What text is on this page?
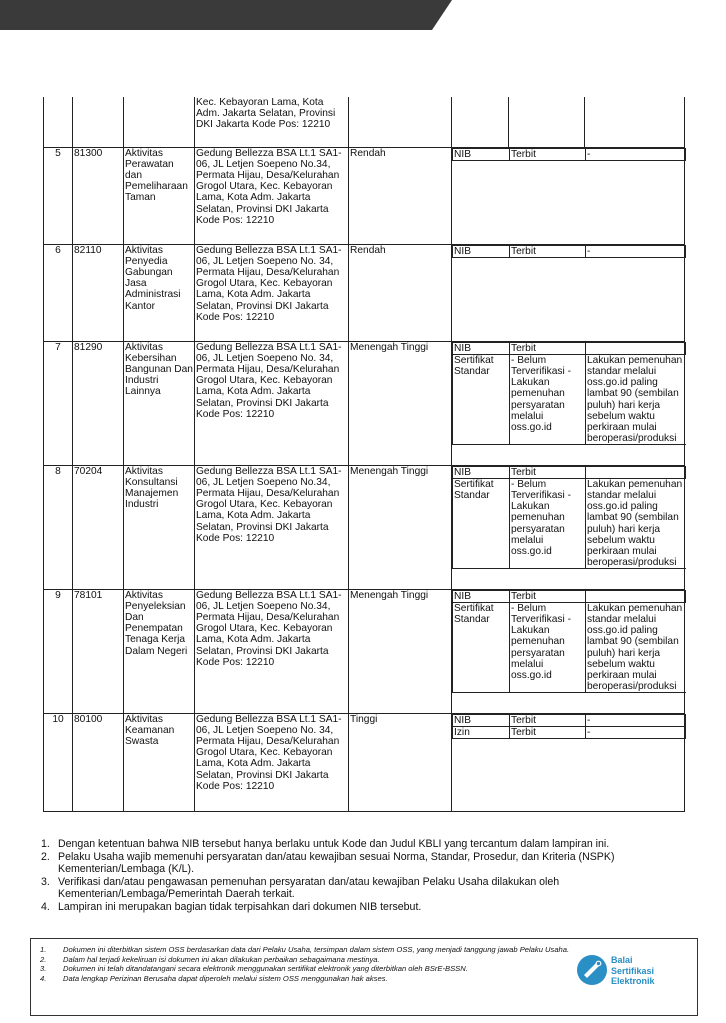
			Kec. Kebayoran Lama, Kota Adm. Jakarta Selatan, Provinsi DKI Jakarta Kode Pos: 12210				
5	81300	Aktivitas Perawatan dan Pemeliharaan Taman	Gedung Bellezza BSA Lt.1 SA1-06, JL Letjen Soepeno No.34, Permata Hijau, Desa/Kelurahan Grogol Utara, Kec. Kebayoran Lama, Kota Adm. Jakarta Selatan, Provinsi DKI Jakarta Kode Pos: 12210	Rendah		NIB	Terbit	-

6	82110	Aktivitas Penyedia Gabungan Jasa Administrasi Kantor	Gedung Bellezza BSA Lt.1 SA1-06, JL Letjen Soepeno No. 34, Permata Hijau, Desa/Kelurahan Grogol Utara, Kec. Kebayoran Lama, Kota Adm. Jakarta Selatan, Provinsi DKI Jakarta Kode Pos: 12210	Rendah		NIB	Terbit	-

7	81290	Aktivitas Kebersihan Bangunan Dan Industri Lainnya	Gedung Bellezza BSA Lt.1 SA1-06, JL Letjen Soepeno No. 34, Permata Hijau, Desa/Kelurahan Grogol Utara, Kec. Kebayoran Lama, Kota Adm. Jakarta Selatan, Provinsi DKI Jakarta Kode Pos: 12210	Menengah Tinggi		NIB	Terbit	
Sertifikat Standar	- Belum Terverifikasi - Lakukan pemenuhan persyaratan melalui oss.go.id	Lakukan pemenuhan standar melalui oss.go.id paling lambat 90 (sembilan puluh) hari kerja sebelum waktu perkiraan mulai beroperasi/produksi

8	70204	Aktivitas Konsultansi Manajemen Industri	Gedung Bellezza BSA Lt.1 SA1-06, JL Letjen Soepeno No.34, Permata Hijau, Desa/Kelurahan Grogol Utara, Kec. Kebayoran Lama, Kota Adm. Jakarta Selatan, Provinsi DKI Jakarta Kode Pos: 12210	Menengah Tinggi		NIB	Terbit	
Sertifikat Standar	- Belum Terverifikasi - Lakukan pemenuhan persyaratan melalui oss.go.id	Lakukan pemenuhan standar melalui oss.go.id paling lambat 90 (sembilan puluh) hari kerja sebelum waktu perkiraan mulai beroperasi/produksi

9	78101	Aktivitas Penyeleksian Dan Penempatan Tenaga Kerja Dalam Negeri	Gedung Bellezza BSA Lt.1 SA1-06, JL Letjen Soepeno No.34, Permata Hijau, Desa/Kelurahan Grogol Utara, Kec. Kebayoran Lama, Kota Adm. Jakarta Selatan, Provinsi DKI Jakarta Kode Pos: 12210	Menengah Tinggi		NIB	Terbit	
Sertifikat Standar	- Belum Terverifikasi - Lakukan pemenuhan persyaratan melalui oss.go.id	Lakukan pemenuhan standar melalui oss.go.id paling lambat 90 (sembilan puluh) hari kerja sebelum waktu perkiraan mulai beroperasi/produksi

10	80100	Aktivitas Keamanan Swasta	Gedung Bellezza BSA Lt.1 SA1-06, JL Letjen Soepeno No. 34, Permata Hijau, Desa/Kelurahan Grogol Utara, Kec. Kebayoran Lama, Kota Adm. Jakarta Selatan, Provinsi DKI Jakarta Kode Pos: 12210	Tinggi		NIB	Terbit	-
Izin	Terbit	-
1. Dengan ketentuan bahwa NIB tersebut hanya berlaku untuk Kode dan Judul KBLI yang tercantum dalam lampiran ini.
2. Pelaku Usaha wajib memenuhi persyaratan dan/atau kewajiban sesuai Norma, Standar, Prosedur, dan Kriteria (NSPK) Kementerian/Lembaga (K/L).
3. Verifikasi dan/atau pengawasan pemenuhan persyaratan dan/atau kewajiban Pelaku Usaha dilakukan oleh Kementerian/Lembaga/Pemerintah Daerah terkait.
4. Lampiran ini merupakan bagian tidak terpisahkan dari dokumen NIB tersebut.
1. Dokumen ini diterbitkan sistem OSS berdasarkan data dari Pelaku Usaha, tersimpan dalam sistem OSS, yang menjadi tanggung jawab Pelaku Usaha.
2. Dalam hal terjadi kekeliruan isi dokumen ini akan dilakukan perbaikan sebagaimana mestinya.
3. Dokumen ini telah ditandatangani secara elektronik menggunakan sertifikat elektronik yang diterbitkan oleh BSrE-BSSN.
4. Data lengkap Perizinan Berusaha dapat diperoleh melalui sistem OSS menggunakan hak akses.
Balai
Sertifikasi
Elektronik
